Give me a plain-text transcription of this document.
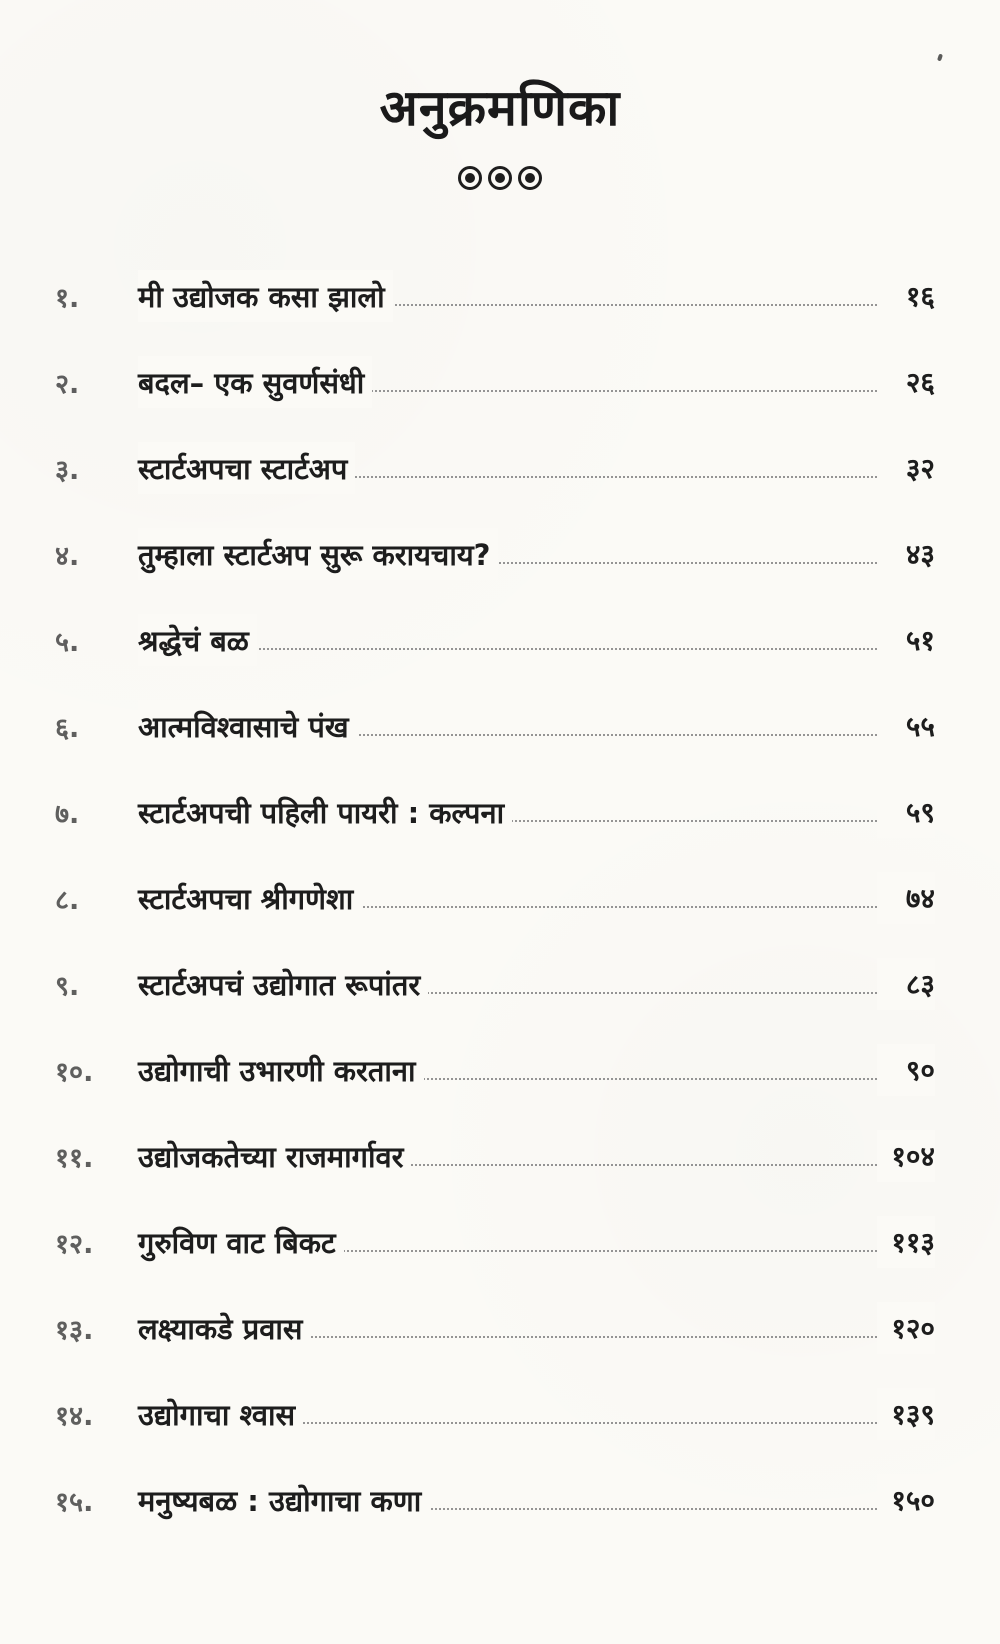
अनुक्रमणिका
१.	मी उद्योजक कसा झालो	१६
२.	बदल– एक सुवर्णसंधी	२६
३.	स्टार्टअपचा स्टार्टअप	३२
४.	तुम्हाला स्टार्टअप सुरू करायचाय?	४३
५.	श्रद्धेचं बळ	५१
६.	आत्मविश्वासाचे पंख	५५
७.	स्टार्टअपची पहिली पायरी : कल्पना	५९
८.	स्टार्टअपचा श्रीगणेशा	७४
९.	स्टार्टअपचं उद्योगात रूपांतर	८३
१०.	उद्योगाची उभारणी करताना	९०
११.	उद्योजकतेच्या राजमार्गावर	१०४
१२.	गुरुविण वाट बिकट	११३
१३.	लक्ष्याकडे प्रवास	१२०
१४.	उद्योगाचा श्वास	१३९
१५.	मनुष्यबळ : उद्योगाचा कणा	१५०
